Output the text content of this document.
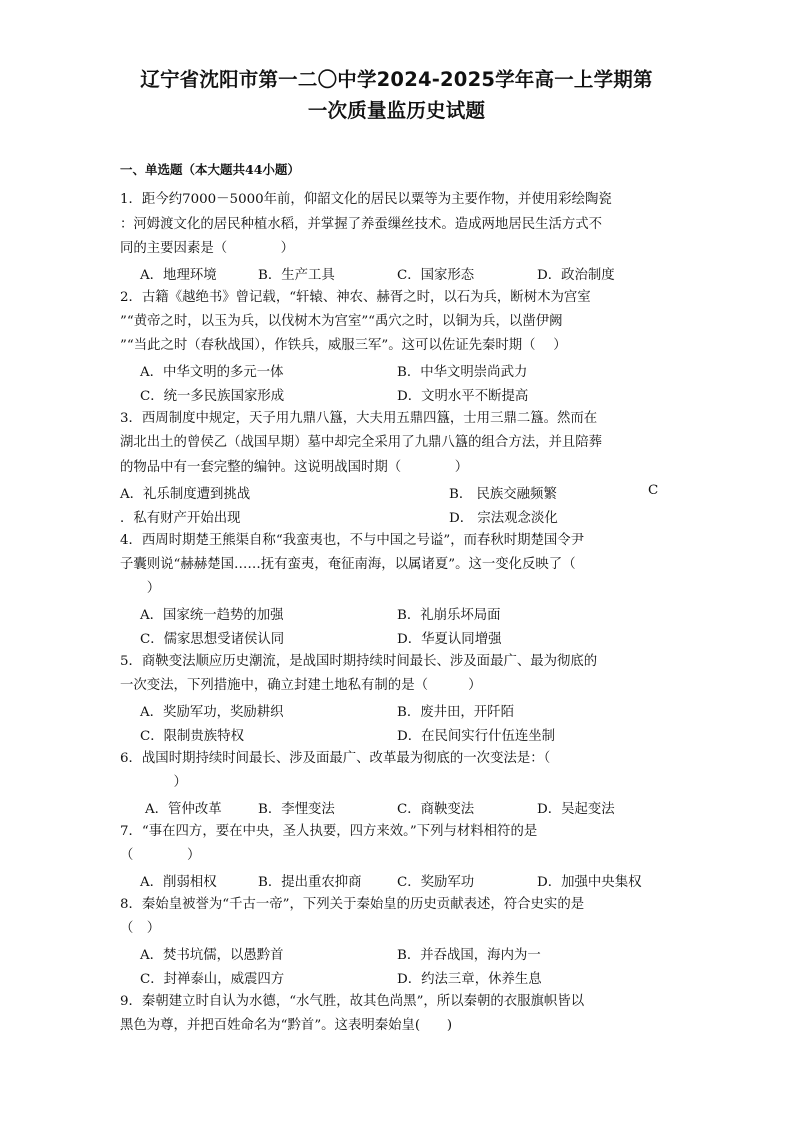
辽宁省沈阳市第一二〇中学2024-2025学年高一上学期第
一次质量监历史试题
一、单选题（本大题共44小题）
1．距今约7000－5000年前，仰韶文化的居民以粟等为主要作物，并使用彩绘陶瓷
：河姆渡文化的居民种植水稻，并掌握了养蚕缫丝技术。造成两地居民生活方式不
同的主要因素是（　　　　）
A．地理环境	B．生产工具	C．国家形态	D．政治制度
2．古籍《越绝书》曾记载，“轩辕、神农、赫胥之时，以石为兵，断树木为宫室
”“黄帝之时，以玉为兵，以伐树木为宫室”“禹穴之时，以铜为兵，以凿伊阙
”“当此之时（春秋战国），作铁兵，威服三军”。这可以佐证先秦时期（　 ）
A．中华文明的多元一体	B．中华文明崇尚武力
C．统一多民族国家形成	D．文明水平不断提高
3．西周制度中规定，天子用九鼎八簋，大夫用五鼎四簋，士用三鼎二簋。然而在
湖北出土的曾侯乙（战国早期）墓中却完全采用了九鼎八簋的组合方法，并且陪葬
的物品中有一套完整的编钟。这说明战国时期（　　　　）
A．礼乐制度遭到挑战	B． 民族交融频繁	C
．私有财产开始出现	D． 宗法观念淡化
4．西周时期楚王熊渠自称“我蛮夷也，不与中国之号谥”，而春秋时期楚国令尹
子囊则说“赫赫楚国……抚有蛮夷，奄征南海，以属诸夏”。这一变化反映了（
　　）
A．国家统一趋势的加强	B．礼崩乐坏局面
C．儒家思想受诸侯认同	D．华夏认同增强
5．商鞅变法顺应历史潮流，是战国时期持续时间最长、涉及面最广、最为彻底的
一次变法，下列措施中，确立封建土地私有制的是（　　　）
A．奖励军功，奖励耕织	B．废井田，开阡陌
C．限制贵族特权	D．在民间实行什伍连坐制
6．战国时期持续时间最长、涉及面最广、改革最为彻底的一次变法是：（
　　　　）
A．管仲改革	B．李悝变法	C．商鞅变法	D．吴起变法
7．“事在四方，要在中央，圣人执要，四方来效。”下列与材料相符的是
（　　　　）
A．削弱相权	B．提出重农抑商	C．奖励军功	D．加强中央集权
8．秦始皇被誉为“千古一帝”，下列关于秦始皇的历史贡献表述，符合史实的是
（　）
A．焚书坑儒，以愚黔首	B．并吞战国，海内为一
C．封禅泰山，威震四方	D．约法三章，休养生息
9．秦朝建立时自认为水德，“水气胜，故其色尚黑”，所以秦朝的衣服旗帜皆以
黑色为尊，并把百姓命名为“黔首”。这表明秦始皇(　　)
